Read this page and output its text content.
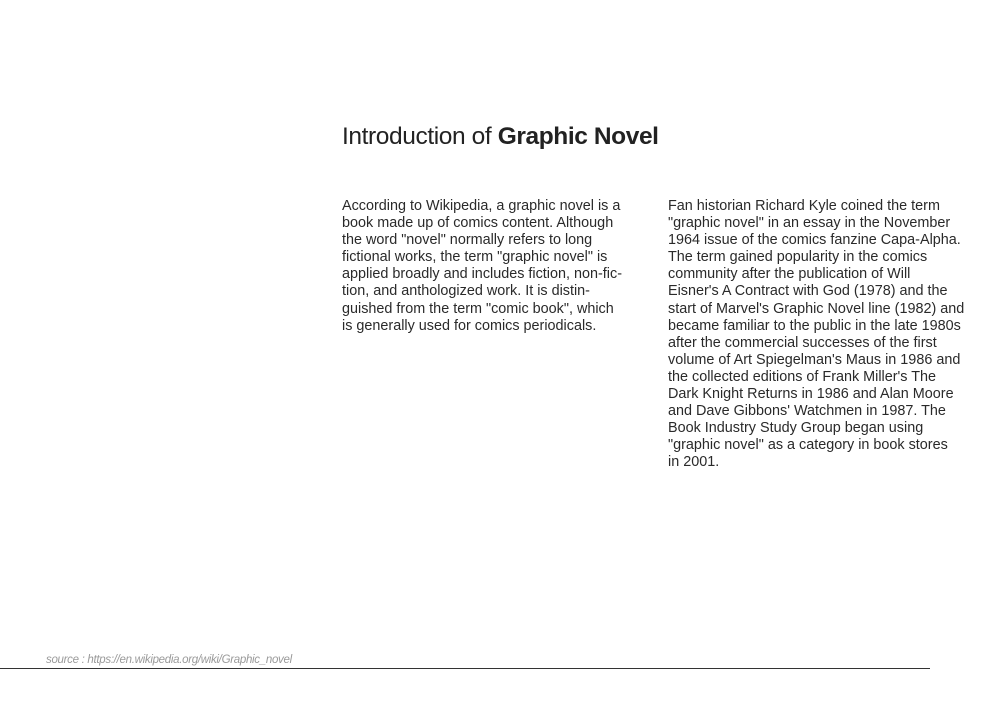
Introduction of Graphic Novel

According to Wikipedia, a graphic novel is a
book made up of comics content. Although
the word "novel" normally refers to long
fictional works, the term "graphic novel" is
applied broadly and includes fiction, non-fic-
tion, and anthologized work. It is distin-
guished from the term "comic book", which
is generally used for comics periodicals.

Fan historian Richard Kyle coined the term
"graphic novel" in an essay in the November
1964 issue of the comics fanzine Capa-Alpha.
The term gained popularity in the comics
community after the publication of Will
Eisner's A Contract with God (1978) and the
start of Marvel's Graphic Novel line (1982) and
became familiar to the public in the late 1980s
after the commercial successes of the first
volume of Art Spiegelman's Maus in 1986 and
the collected editions of Frank Miller's The
Dark Knight Returns in 1986 and Alan Moore
and Dave Gibbons' Watchmen in 1987. The
Book Industry Study Group began using
"graphic novel" as a category in book stores
in 2001.

source : https://en.wikipedia.org/wiki/Graphic_novel
